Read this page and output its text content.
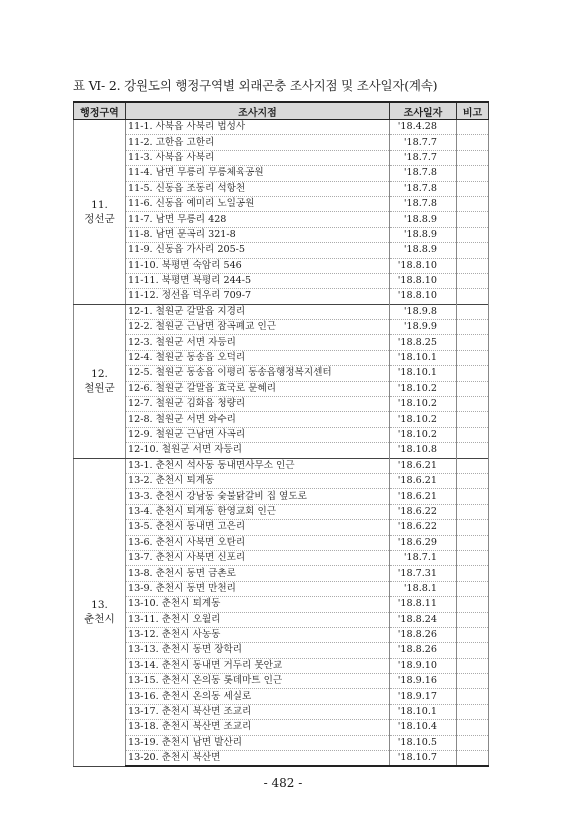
표 Ⅵ- 2. 강원도의 행정구역별 외래곤충 조사지점 및 조사일자(계속)
행정구역	조사지점	조사일자	비고

11.
정선군	11-1. 사북읍 사북리 법성사	'18.4.28	
	11-2. 고한읍 고한리	'18.7.7	
	11-3. 사북읍 사북리	'18.7.7	
	11-4. 남면 무릉리 무릉체육공원	'18.7.8	
	11-5. 신동읍 조동리 석항천	'18.7.8	
	11-6. 신동읍 예미리 노일공원	'18.7.8	
	11-7. 남면 무릉리 428	'18.8.9	
	11-8. 남면 문곡리 321-8	'18.8.9	
	11-9. 신동읍 가사리 205-5	'18.8.9	
	11-10. 북평면 숙암리 546	'18.8.10	
	11-11. 북평면 북평리 244-5	'18.8.10	
	11-12. 정선읍 덕우리 709-7	'18.8.10	

12.
철원군	12-1. 철원군 갈말읍 지경리	'18.9.8	
	12-2. 철원군 근남면 잠곡폐교 인근	'18.9.9	
	12-3. 철원군 서면 자등리	'18.8.25	
	12-4. 철원군 동송읍 오덕리	'18.10.1	
	12-5. 철원군 동송읍 이평리 동송읍행정복지센터	'18.10.1	
	12-6. 철원군 갈말읍 효국로 문혜리	'18.10.2	
	12-7. 철원군 김화읍 청량리	'18.10.2	
	12-8. 철원군 서면 와수리	'18.10.2	
	12-9. 철원군 근남면 사곡리	'18.10.2	
	12-10. 철원군 서면 자등리	'18.10.8	

13.
춘천시	13-1. 춘천시 석사동 동내면사무소 인근	'18.6.21	
	13-2. 춘천시 퇴계동	'18.6.21	
	13-3. 춘천시 강남동 숯불닭갈비 집 옆도로	'18.6.21	
	13-4. 춘천시 퇴계동 한영교회 인근	'18.6.22	
	13-5. 춘천시 동내면 고은리	'18.6.22	
	13-6. 춘천시 사북면 오탄리	'18.6.29	
	13-7. 춘천시 사북면 신포리	'18.7.1	
	13-8. 춘천시 동면 금촌로	'18.7.31	
	13-9. 춘천시 동면 만천리	'18.8.1	
	13-10. 춘천시 퇴계동	'18.8.11	
	13-11. 춘천시 오월리	'18.8.24	
	13-12. 춘천시 사농동	'18.8.26	
	13-13. 춘천시 동면 장학리	'18.8.26	
	13-14. 춘천시 동내면 거두리 못안교	'18.9.10	
	13-15. 춘천시 온의동 롯데마트 인근	'18.9.16	
	13-16. 춘천시 온의동 세실로	'18.9.17	
	13-17. 춘천시 북산면 조교리	'18.10.1	
	13-18. 춘천시 북산면 조교리	'18.10.4	
	13-19. 춘천시 남면 발산리	'18.10.5	
	13-20. 춘천시 북산면	'18.10.7	
- 482 -
